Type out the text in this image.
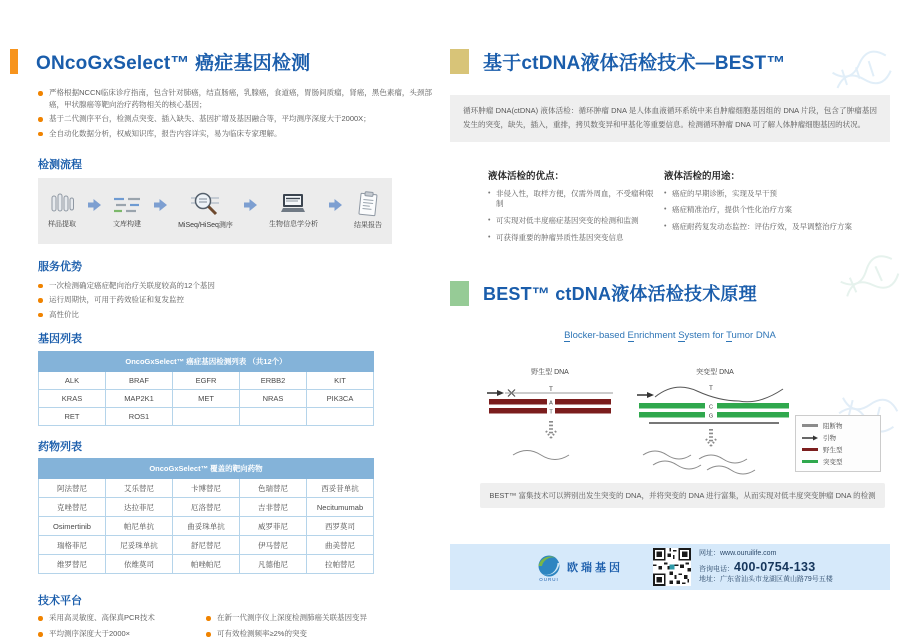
ONcoGxSelect™ 癌症基因检测
严格根据NCCN临床诊疗指南，包含针对肺癌，结直肠癌，乳腺癌，食道癌，胃肠间质瘤，肾癌，黑色素瘤，头颈部癌，甲状腺癌等靶向治疗药物相关的核心基因；
基于二代测序平台，检测点突变、插入缺失、基因扩增及基因融合等，平均测序深度大于2000X；
全自动化数据分析，权威知识库，报告内容详实，易为临床专家理解。
检测流程
样品提取	文库构建	MiSeq/HiSeq测序	生物信息学分析	结果报告
服务优势
一次检测确定癌症靶向治疗关联度较高的12个基因
运行周期快，可用于药效验证和复发监控
高性价比
基因列表
OncoGxSelect™ 癌症基因检测列表 （共12个）				
ALK	BRAF	EGFR	ERBB2	KIT
KRAS	MAP2K1	MET	NRAS	PIK3CA
RET	ROS1			
药物列表
OncoGxSelect™ 覆盖的靶向药物				
阿法替尼	艾乐替尼	卡博替尼	色瑞替尼	西妥昔单抗
克唑替尼	达拉菲尼	厄洛替尼	吉非替尼	Necitumumab
Osimertinib	帕尼单抗	曲妥珠单抗	威罗菲尼	西罗莫司
瑞格菲尼	尼妥珠单抗	舒尼替尼	伊马替尼	曲美替尼
维罗替尼	依维莫司	帕唑帕尼	凡德他尼	拉帕替尼
技术平台
采用高灵敏度、高保真PCR技术
平均测序深度大于2000×
在新一代测序仪上深度检测肺癌关联基因变异
可有效检测频率≥2%的突变
基于ctDNA液体活检技术—BEST™
循环肿瘤 DNA(ctDNA) 液体活检：循环肿瘤 DNA 是人体血液循环系统中来自肿瘤细胞基因组的 DNA 片段，包含了肿瘤基因发生的突变，缺失，插入，重排，拷贝数变异和甲基化等重要信息。检测循环肿瘤 DNA 可了解人体肿瘤细胞基因的状况。
液体活检的优点：
• 非侵入性，取样方便，仅需外周血，不受瘤种限制
• 可实现对低丰度癌症基因突变的检测和监测
• 可获得重要的肿瘤异质性基因突变信息
液体活检的用途：
• 癌症的早期诊断，实现及早干预
• 癌症精准治疗，提供个性化治疗方案
• 癌症耐药复发动态监控：评估疗效，及早调整治疗方案
BEST™ ctDNA液体活检技术原理
Blocker-based Enrichment System for Tumor DNA
野生型 DNA
T
A
T
突变型 DNA
T
C
G
阻断物
引物
野生型
突变型
BEST™ 富集技术可以辨别出发生突变的 DNA，并将突变的 DNA 进行富集，从而实现对低丰度突变肿瘤 DNA 的检测
OURUI
欧瑞基因
网址：www.ouruilife.com
咨询电话：400-0754-133
地址：广东省汕头市龙湖区黄山路79号五楼
